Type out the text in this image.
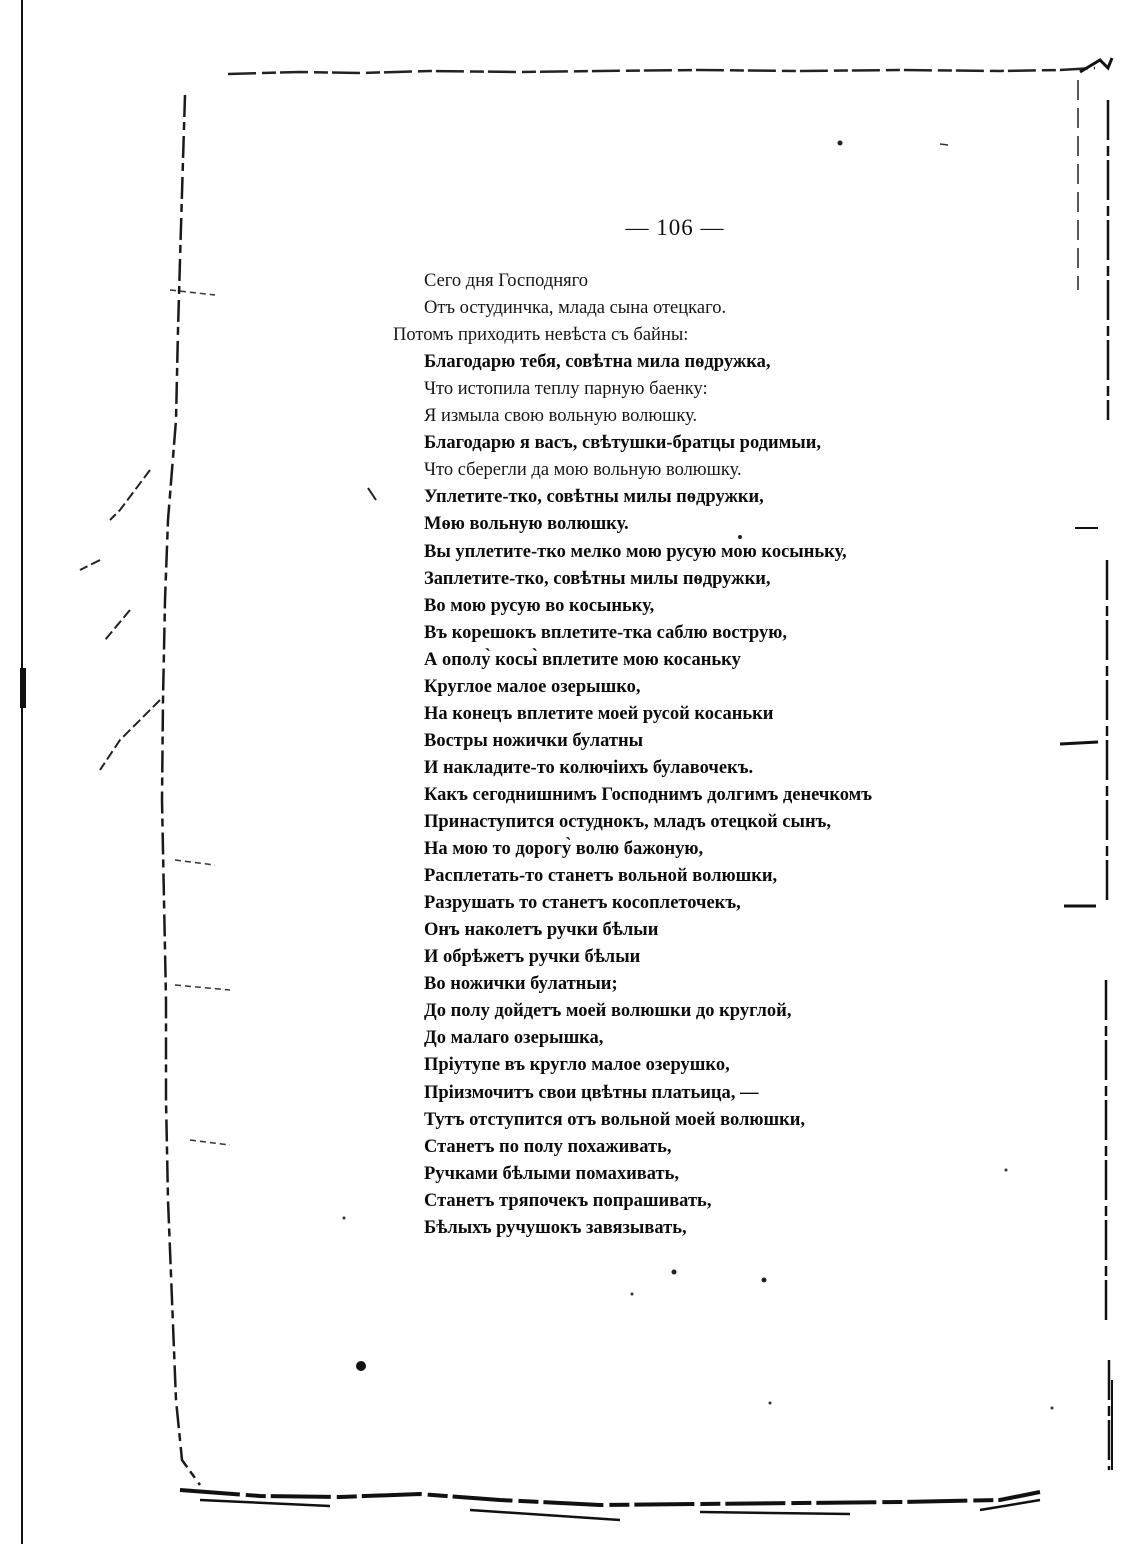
— 106 —
Сего дня Господняго
Отъ остудинчка, млада сына отецкаго.
Потомъ приходить невѣста съ байны:
Благодарю тебя, совѣтна мила пѳдружка,
Что истопила теплу парную баенку:
Я измыла свою вольную волюшку.
Благодарю я васъ, свѣтушки-братцы родимыи,
Что сберегли да мою вольную волюшку.
Уплетите-тко, совѣтны милы пѳдружки,
Мѳю вольную волюшку.
Вы уплетите-тко мелко мою русую мою косыньку,
Заплетите-тко, совѣтны милы пѳдружки,
Во мою русую во косыньку,
Въ корешокъ вплетите-тка саблю вострую,
А ополу̀ косы̀ вплетите мою косаньку
Круглое малое озерышко,
На конецъ вплетите моей русой косаньки
Востры ножички булатны
И накладите-то колючіихъ булавочекъ.
Какъ сегоднишнимъ Господнимъ долгимъ денечкомъ
Принаступится остуднокъ, младъ отецкой сынъ,
На мою то дорогу̀ волю бажоную,
Расплетать-то станетъ вольной волюшки,
Разрушать то станетъ косоплеточекъ,
Онъ наколетъ ручки бѣлыи
И обрѣжетъ ручки бѣлыи
Во ножички булатныи;
До полу дойдетъ моей волюшки до круглой,
До малаго озерышка,
Пріутупе въ кругло малое озерушко,
Пріизмочитъ свои цвѣтны платьица, —
Тутъ отступится отъ вольной моей волюшки,
Станетъ по полу похаживать,
Ручками бѣлыми помахивать,
Станетъ тряпочекъ попрашивать,
Бѣлыхъ ручушокъ завязывать,
